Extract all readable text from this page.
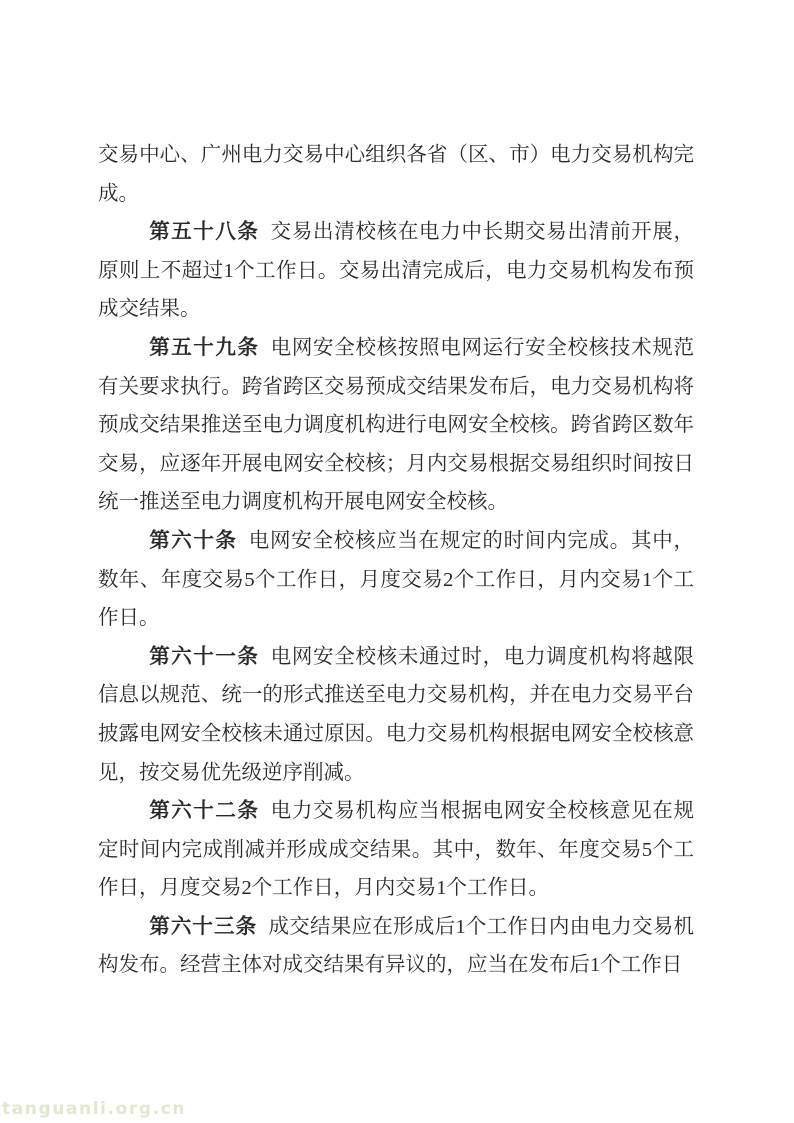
交易中心、广州电力交易中心组织各省（区、市）电力交易机构完成。

第五十八条 交易出清校核在电力中长期交易出清前开展，原则上不超过1个工作日。交易出清完成后，电力交易机构发布预成交结果。

第五十九条 电网安全校核按照电网运行安全校核技术规范有关要求执行。跨省跨区交易预成交结果发布后，电力交易机构将预成交结果推送至电力调度机构进行电网安全校核。跨省跨区数年交易，应逐年开展电网安全校核；月内交易根据交易组织时间按日统一推送至电力调度机构开展电网安全校核。

第六十条 电网安全校核应当在规定的时间内完成。其中，数年、年度交易5个工作日，月度交易2个工作日，月内交易1个工作日。

第六十一条 电网安全校核未通过时，电力调度机构将越限信息以规范、统一的形式推送至电力交易机构，并在电力交易平台披露电网安全校核未通过原因。电力交易机构根据电网安全校核意见，按交易优先级逆序削减。

第六十二条 电力交易机构应当根据电网安全校核意见在规定时间内完成削减并形成成交结果。其中，数年、年度交易5个工作日，月度交易2个工作日，月内交易1个工作日。

第六十三条 成交结果应在形成后1个工作日内由电力交易机构发布。经营主体对成交结果有异议的，应当在发布后1个工作日

tanguanli.org.cn
